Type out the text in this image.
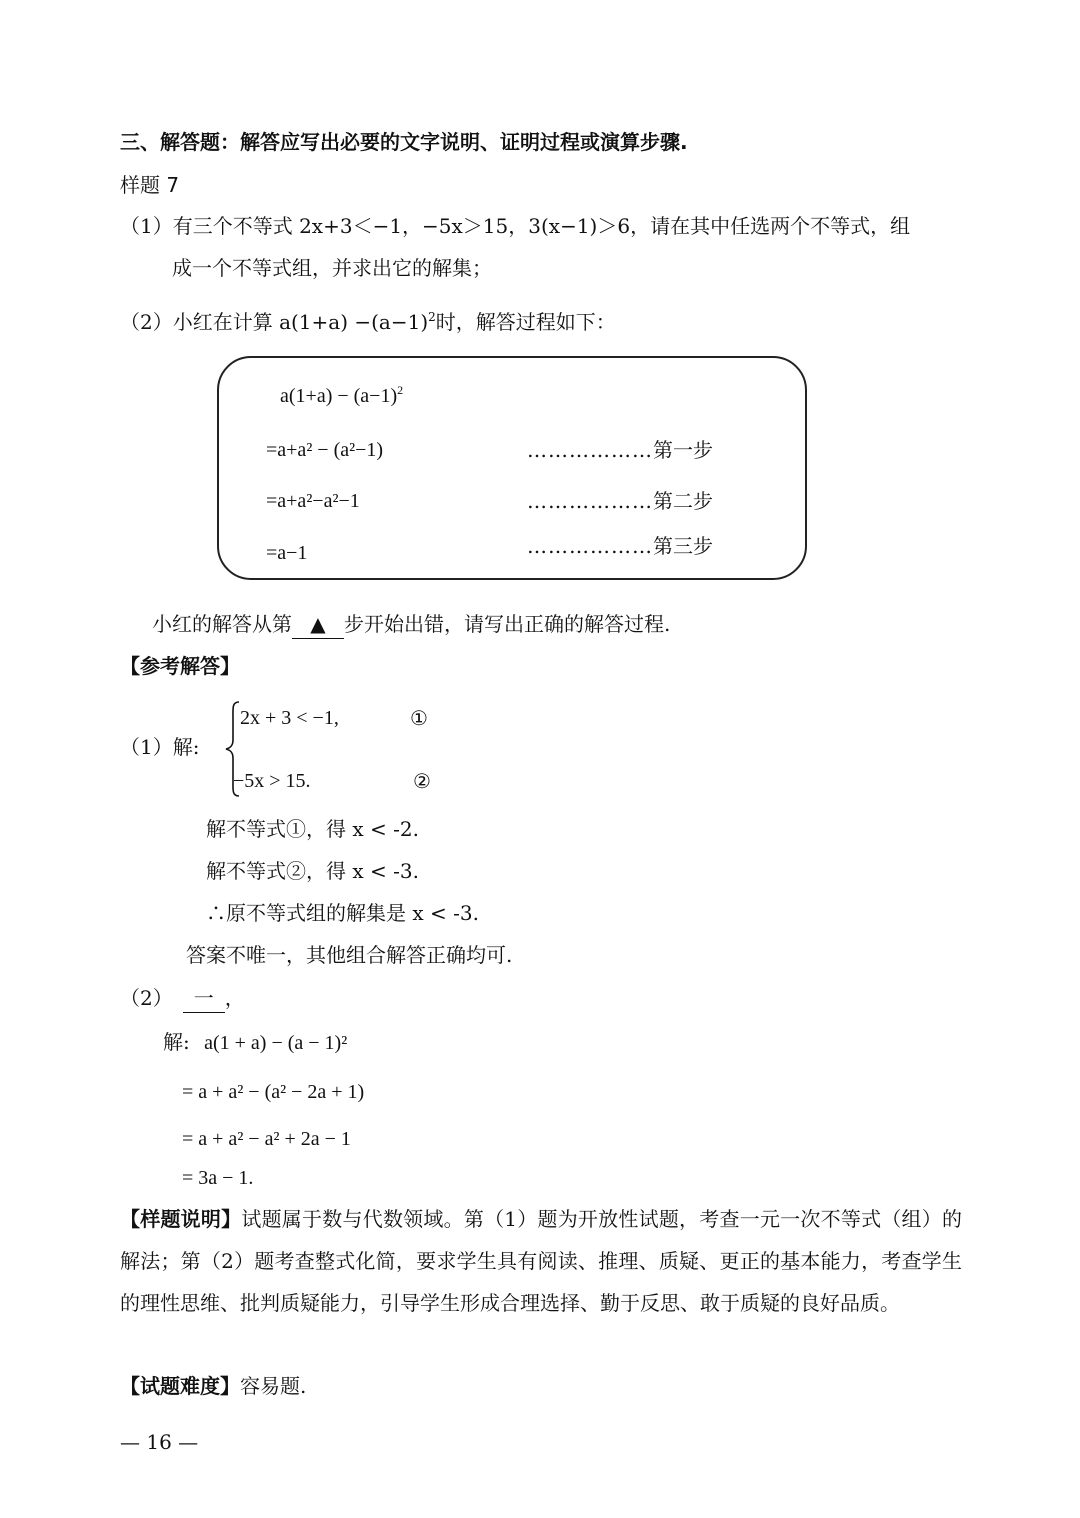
三、解答题：解答应写出必要的文字说明、证明过程或演算步骤.
样题 7
（1）有三个不等式 2x+3＜−1，−5x＞15，3(x−1)＞6，请在其中任选两个不等式，组
成一个不等式组，并求出它的解集；
（2）小红在计算 $a(1+a) -(a-1)^2$时，解答过程如下：
$a(1+a) - (a-1)^2$
=a+a² − (a²−1)
=a+a²−a²−1
=a−1
………………第一步
………………第二步
………………第三步
小红的解答从第 ▲ 步开始出错，请写出正确的解答过程.
【参考解答】
（1）解:
2x + 3 < −1,	①
−5x > 15.	②
解不等式①，得 x < -2.
解不等式②，得 x < -3.
∴原不等式组的解集是 x < -3.
答案不唯一，其他组合解答正确均可.
（2） 一 ，
解: a(1 + a) − (a − 1)²
= a + a² − (a² − 2a + 1)
= a + a² − a² + 2a − 1
= 3a − 1.
【样题说明】试题属于数与代数领域。第（1）题为开放性试题，考查一元一次不等式（组）的解法；第（2）题考查整式化简，要求学生具有阅读、推理、质疑、更正的基本能力，考查学生的理性思维、批判质疑能力，引导学生形成合理选择、勤于反思、敢于质疑的良好品质。
【试题难度】容易题.
— 16 —
